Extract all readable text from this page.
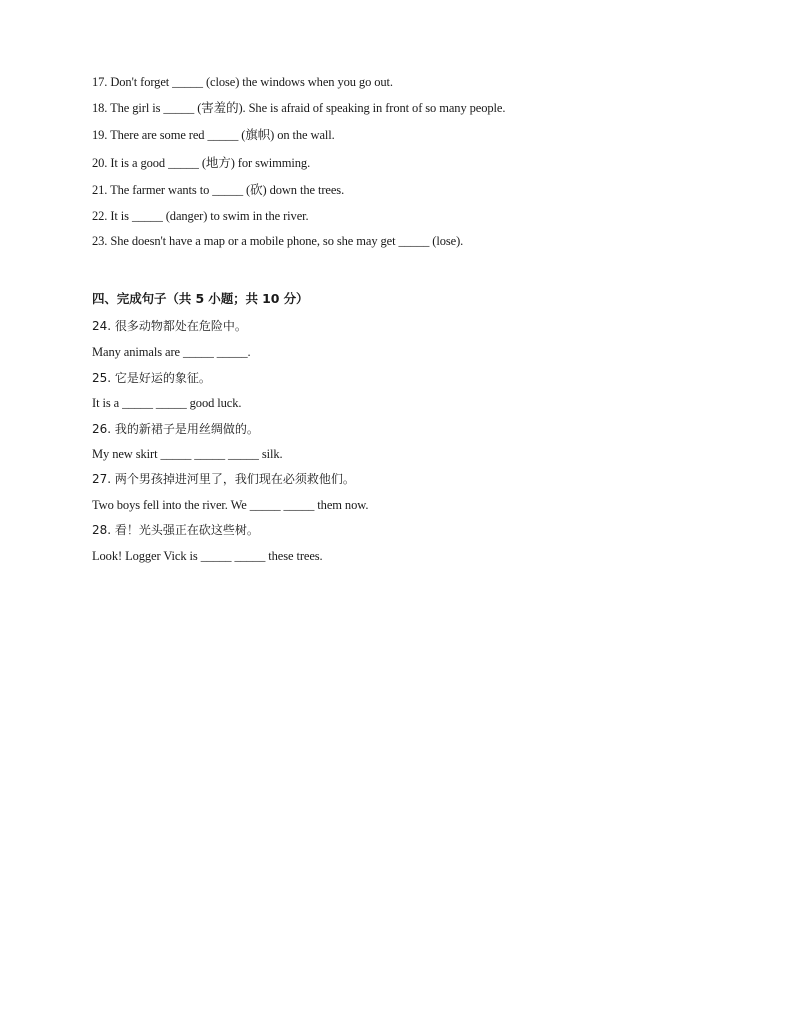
17. Don't forget _____ (close) the windows when you go out.
18. The girl is _____ (害羞的). She is afraid of speaking in front of so many people.
19. There are some red _____ (旗帜) on the wall.
20. It is a good _____ (地方) for swimming.
21. The farmer wants to _____ (砍) down the trees.
22. It is _____ (danger) to swim in the river.
23. She doesn't have a map or a mobile phone, so she may get _____ (lose).
四、完成句子（共 5 小题；共 10 分）
24. 很多动物都处在危险中。
Many animals are _____ _____.
25. 它是好运的象征。
It is a _____ _____ good luck.
26. 我的新裙子是用丝绸做的。
My new skirt _____ _____ _____ silk.
27. 两个男孩掉进河里了，我们现在必须救他们。
Two boys fell into the river. We _____ _____ them now.
28. 看！光头强正在砍这些树。
Look! Logger Vick is _____ _____ these trees.
